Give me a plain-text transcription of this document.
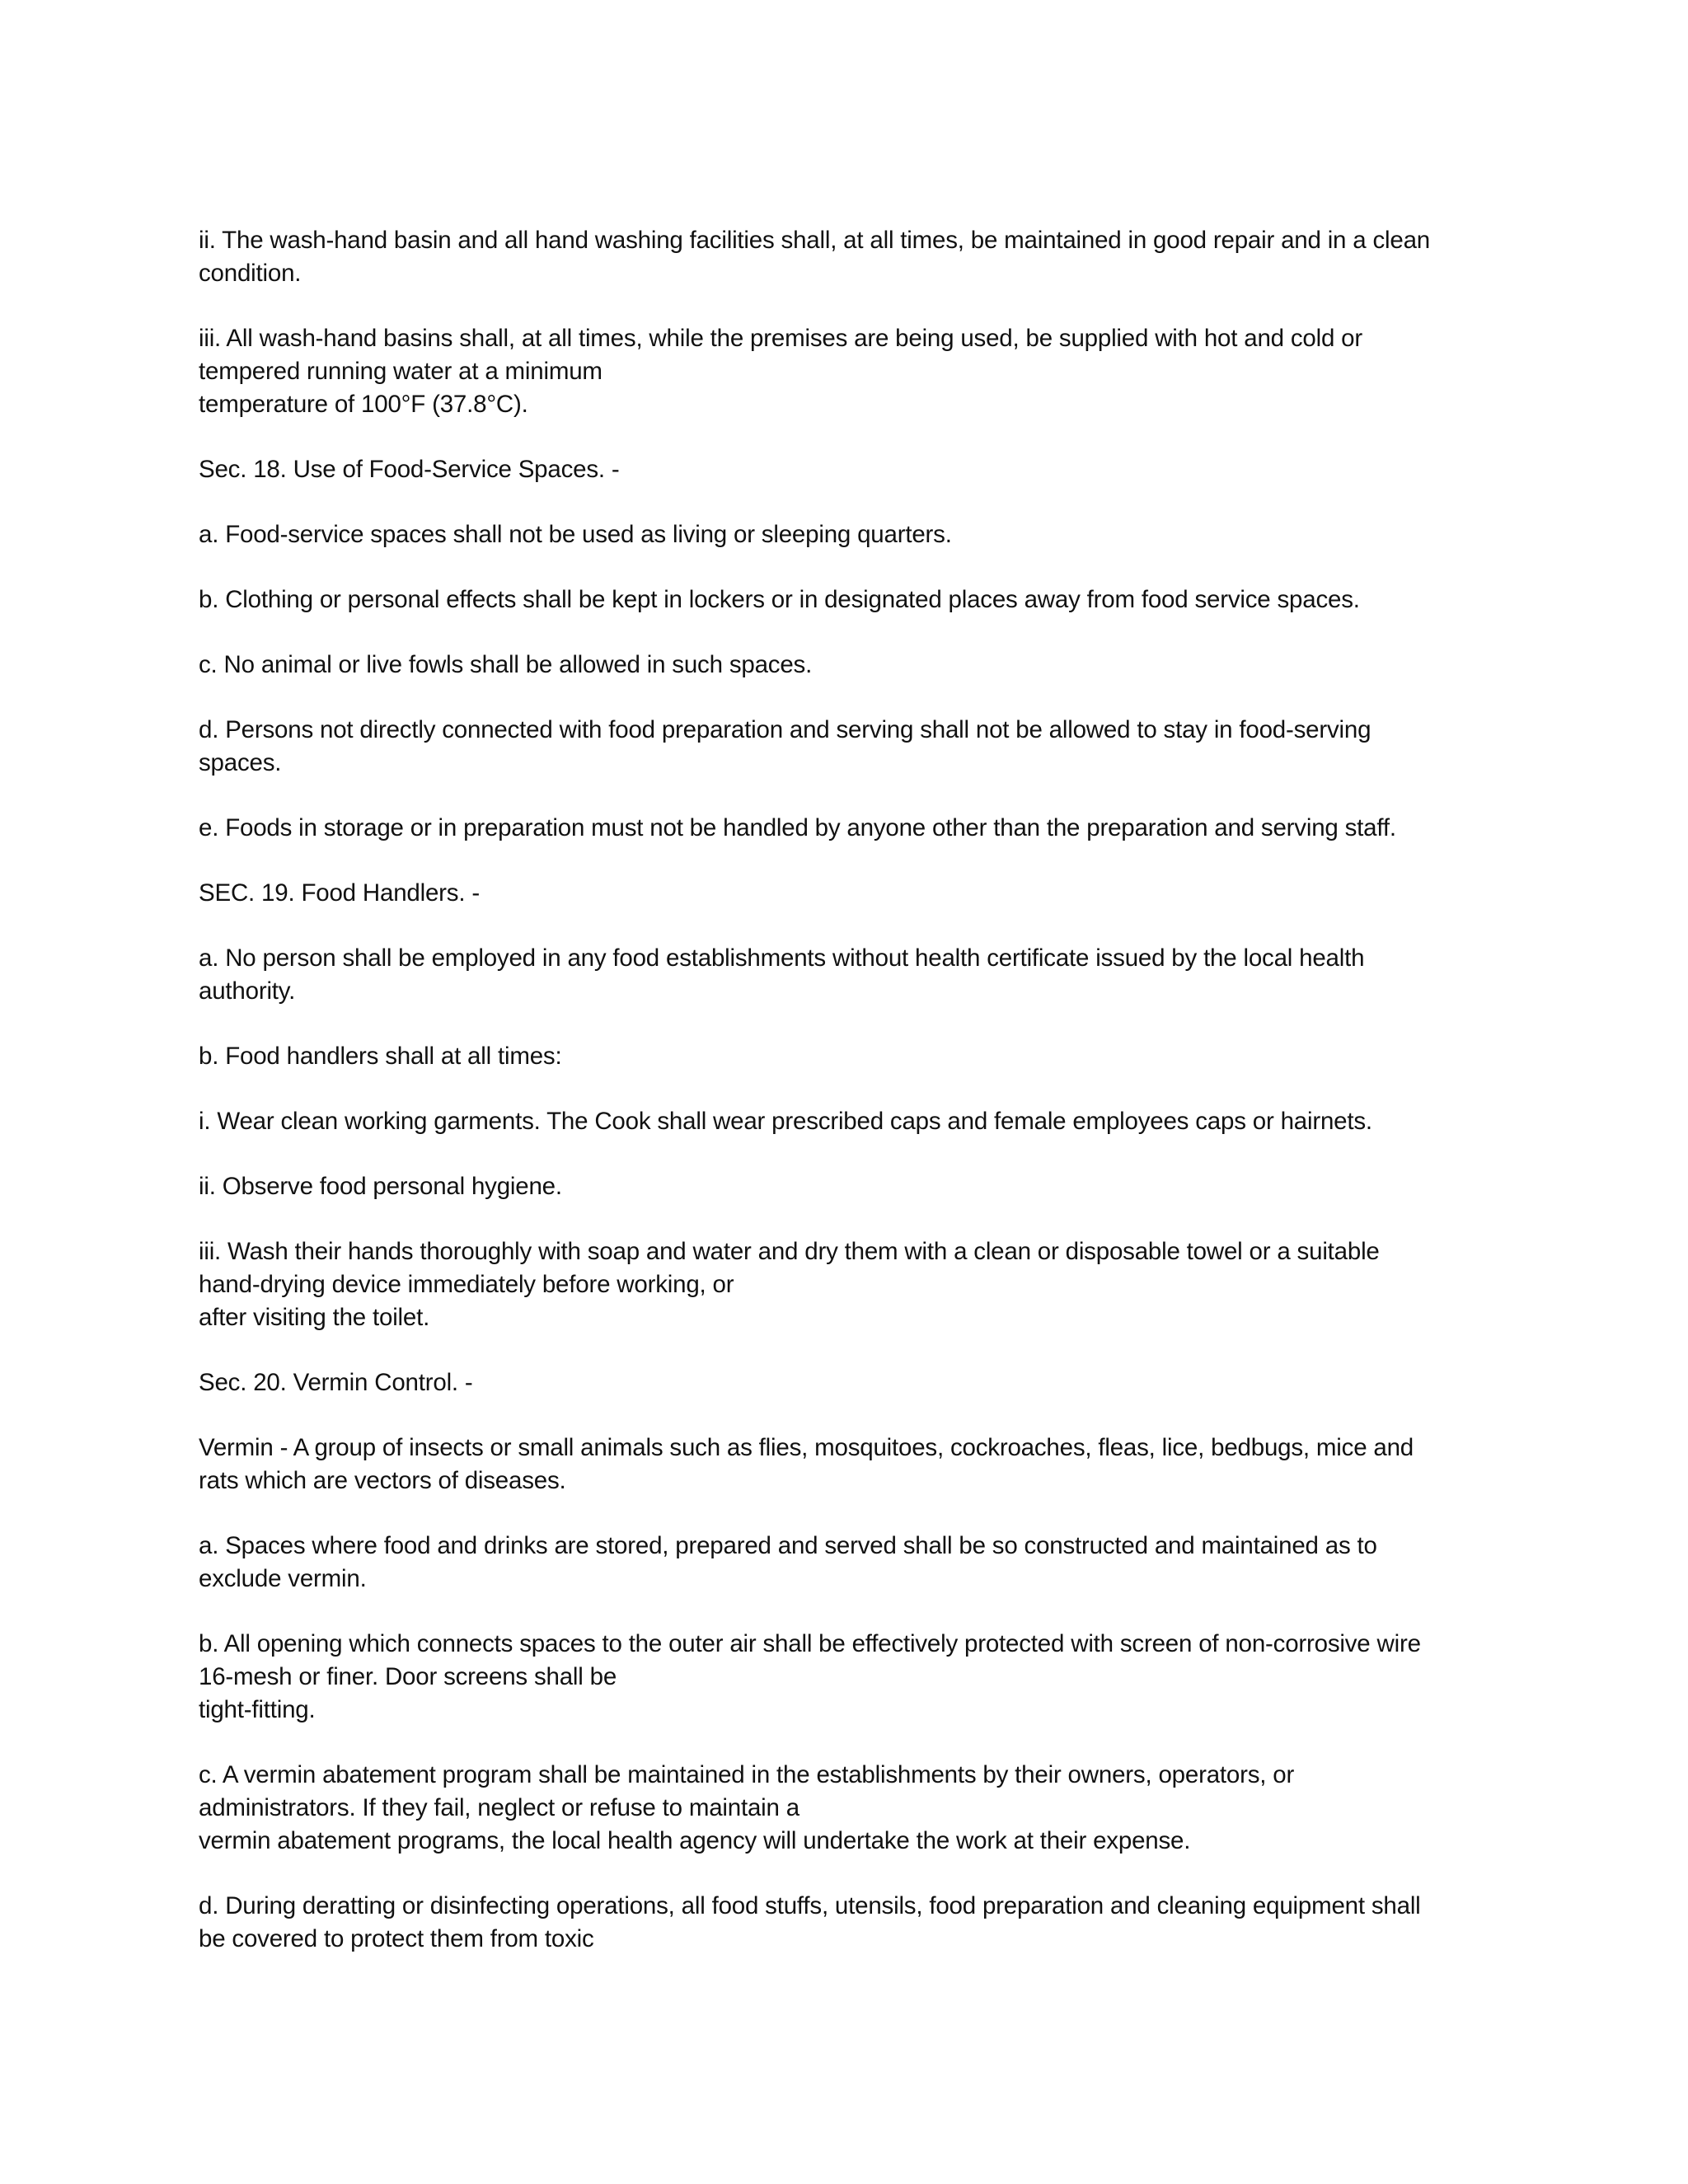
ii. The wash-hand basin and all hand washing facilities shall, at all times, be maintained in good repair and in a clean
condition.

iii. All wash-hand basins shall, at all times, while the premises are being used, be supplied with hot and cold or
tempered running water at a minimum
temperature of 100°F (37.8°C).

Sec. 18. Use of Food-Service Spaces. -

a. Food-service spaces shall not be used as living or sleeping quarters.

b. Clothing or personal effects shall be kept in lockers or in designated places away from food service spaces.

c. No animal or live fowls shall be allowed in such spaces.

d. Persons not directly connected with food preparation and serving shall not be allowed to stay in food-serving
spaces.

e. Foods in storage or in preparation must not be handled by anyone other than the preparation and serving staff.

SEC. 19. Food Handlers. -

a. No person shall be employed in any food establishments without health certificate issued by the local health
authority.

b. Food handlers shall at all times:

i. Wear clean working garments. The Cook shall wear prescribed caps and female employees caps or hairnets.

ii. Observe food personal hygiene.

iii. Wash their hands thoroughly with soap and water and dry them with a clean or disposable towel or a suitable
hand-drying device immediately before working, or
after visiting the toilet.

Sec. 20. Vermin Control. -

Vermin - A group of insects or small animals such as flies, mosquitoes, cockroaches, fleas, lice, bedbugs, mice and
rats which are vectors of diseases.

a. Spaces where food and drinks are stored, prepared and served shall be so constructed and maintained as to
exclude vermin.

b. All opening which connects spaces to the outer air shall be effectively protected with screen of non-corrosive wire
16-mesh or finer. Door screens shall be
tight-fitting.

c. A vermin abatement program shall be maintained in the establishments by their owners, operators, or
administrators. If they fail, neglect or refuse to maintain a
vermin abatement programs, the local health agency will undertake the work at their expense.

d. During deratting or disinfecting operations, all food stuffs, utensils, food preparation and cleaning equipment shall
be covered to protect them from toxic
